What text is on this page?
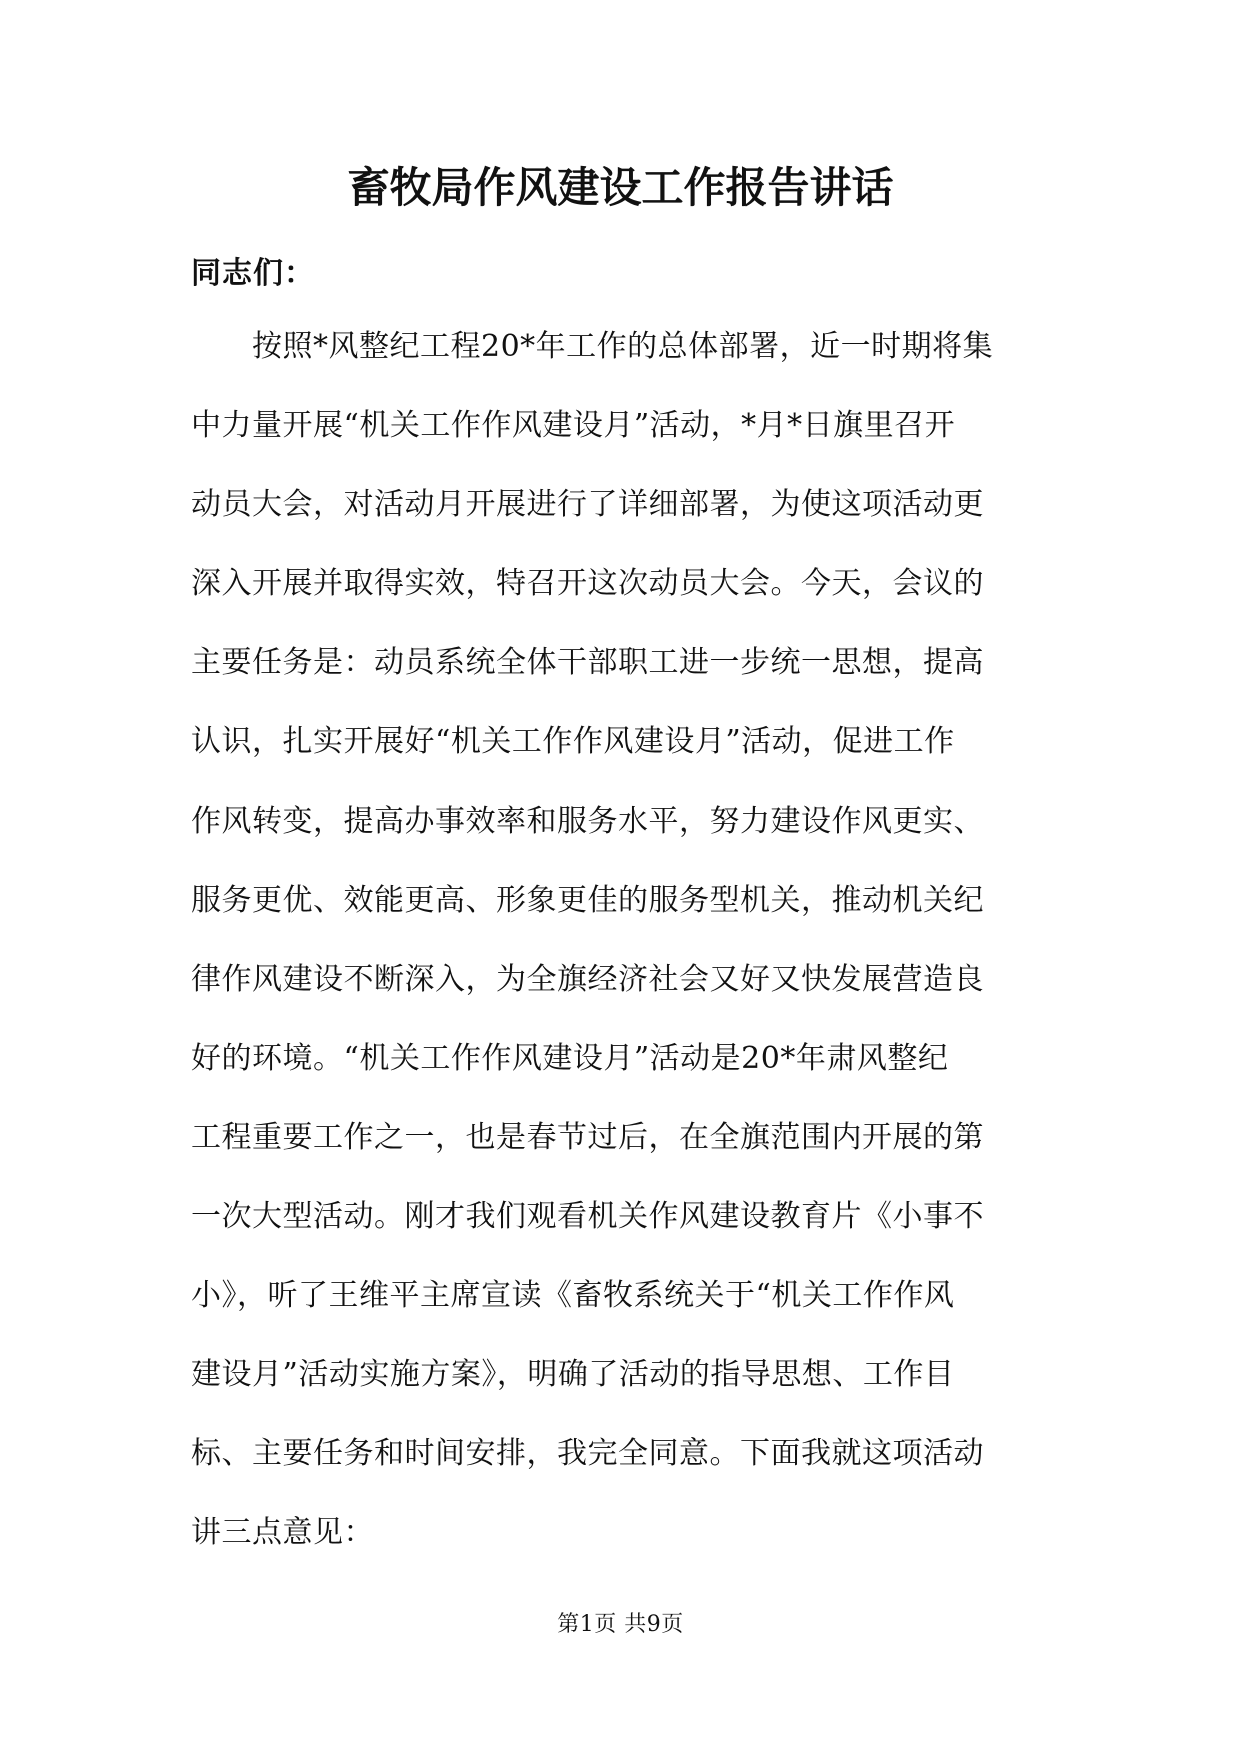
畜牧局作风建设工作报告讲话
同志们：
　　按照*风整纪工程20*年工作的总体部署，近一时期将集
中力量开展“机关工作作风建设月”活动，*月*日旗里召开
动员大会，对活动月开展进行了详细部署，为使这项活动更
深入开展并取得实效，特召开这次动员大会。今天，会议的
主要任务是：动员系统全体干部职工进一步统一思想，提高
认识，扎实开展好“机关工作作风建设月”活动，促进工作
作风转变，提高办事效率和服务水平，努力建设作风更实、
服务更优、效能更高、形象更佳的服务型机关，推动机关纪
律作风建设不断深入，为全旗经济社会又好又快发展营造良
好的环境。“机关工作作风建设月”活动是20*年肃风整纪
工程重要工作之一，也是春节过后，在全旗范围内开展的第
一次大型活动。刚才我们观看机关作风建设教育片《小事不
小》，听了王维平主席宣读《畜牧系统关于“机关工作作风
建设月”活动实施方案》，明确了活动的指导思想、工作目
标、主要任务和时间安排，我完全同意。下面我就这项活动
讲三点意见：
第1页 共9页
